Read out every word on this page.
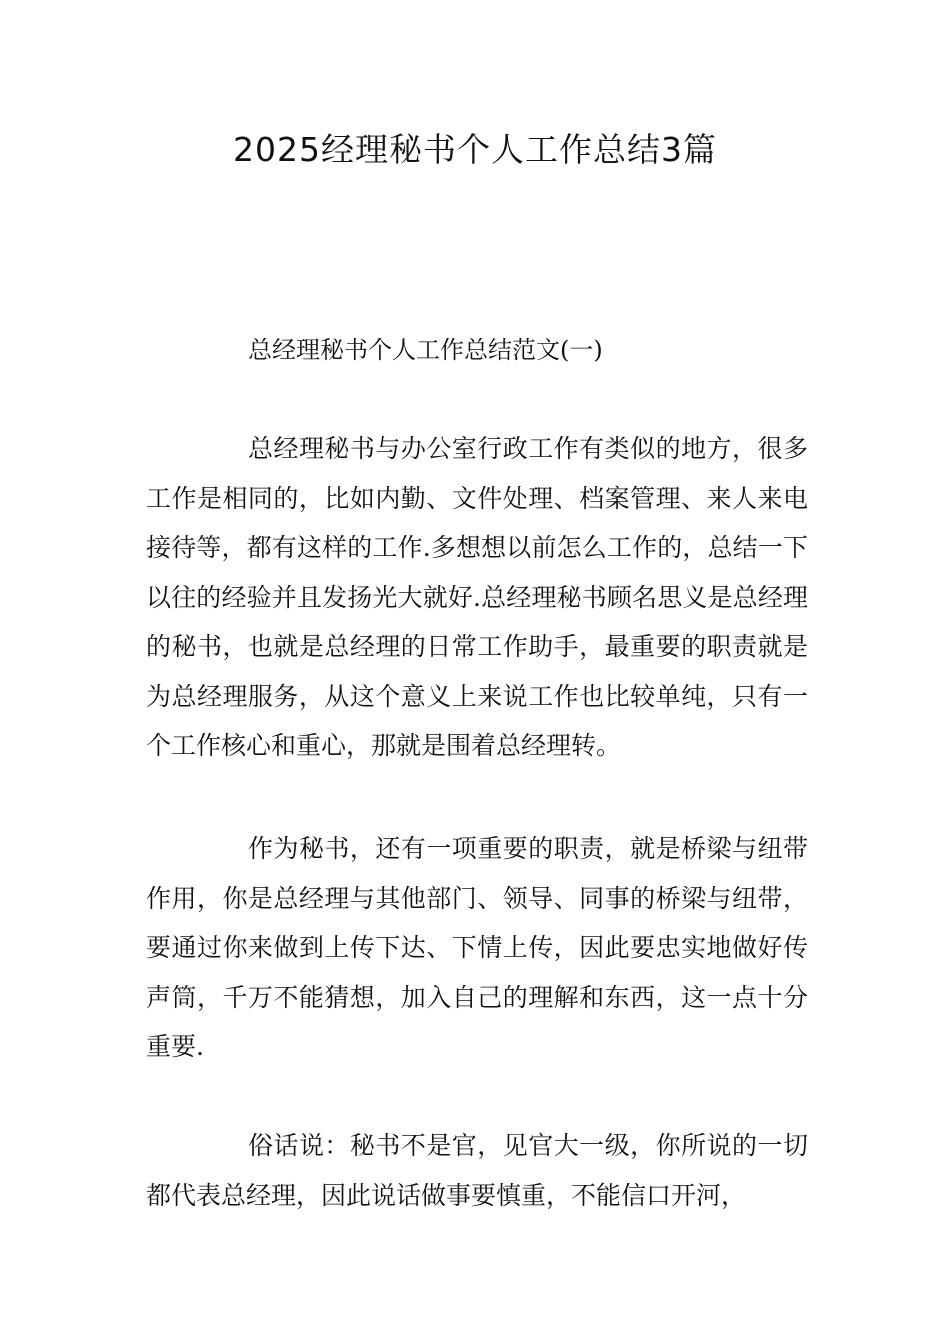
2025经理秘书个人工作总结3篇
总经理秘书个人工作总结范文(一)

总经理秘书与办公室行政工作有类似的地方，很多工作是相同的，比如内勤、文件处理、档案管理、来人来电接待等，都有这样的工作.多想想以前怎么工作的，总结一下以往的经验并且发扬光大就好.总经理秘书顾名思义是总经理的秘书，也就是总经理的日常工作助手，最重要的职责就是为总经理服务，从这个意义上来说工作也比较单纯，只有一个工作核心和重心，那就是围着总经理转。

作为秘书，还有一项重要的职责，就是桥梁与纽带作用，你是总经理与其他部门、领导、同事的桥梁与纽带，要通过你来做到上传下达、下情上传，因此要忠实地做好传声筒，千万不能猜想，加入自己的理解和东西，这一点十分重要.

俗话说：秘书不是官，见官大一级，你所说的一切都代表总经理，因此说话做事要慎重，不能信口开河，
